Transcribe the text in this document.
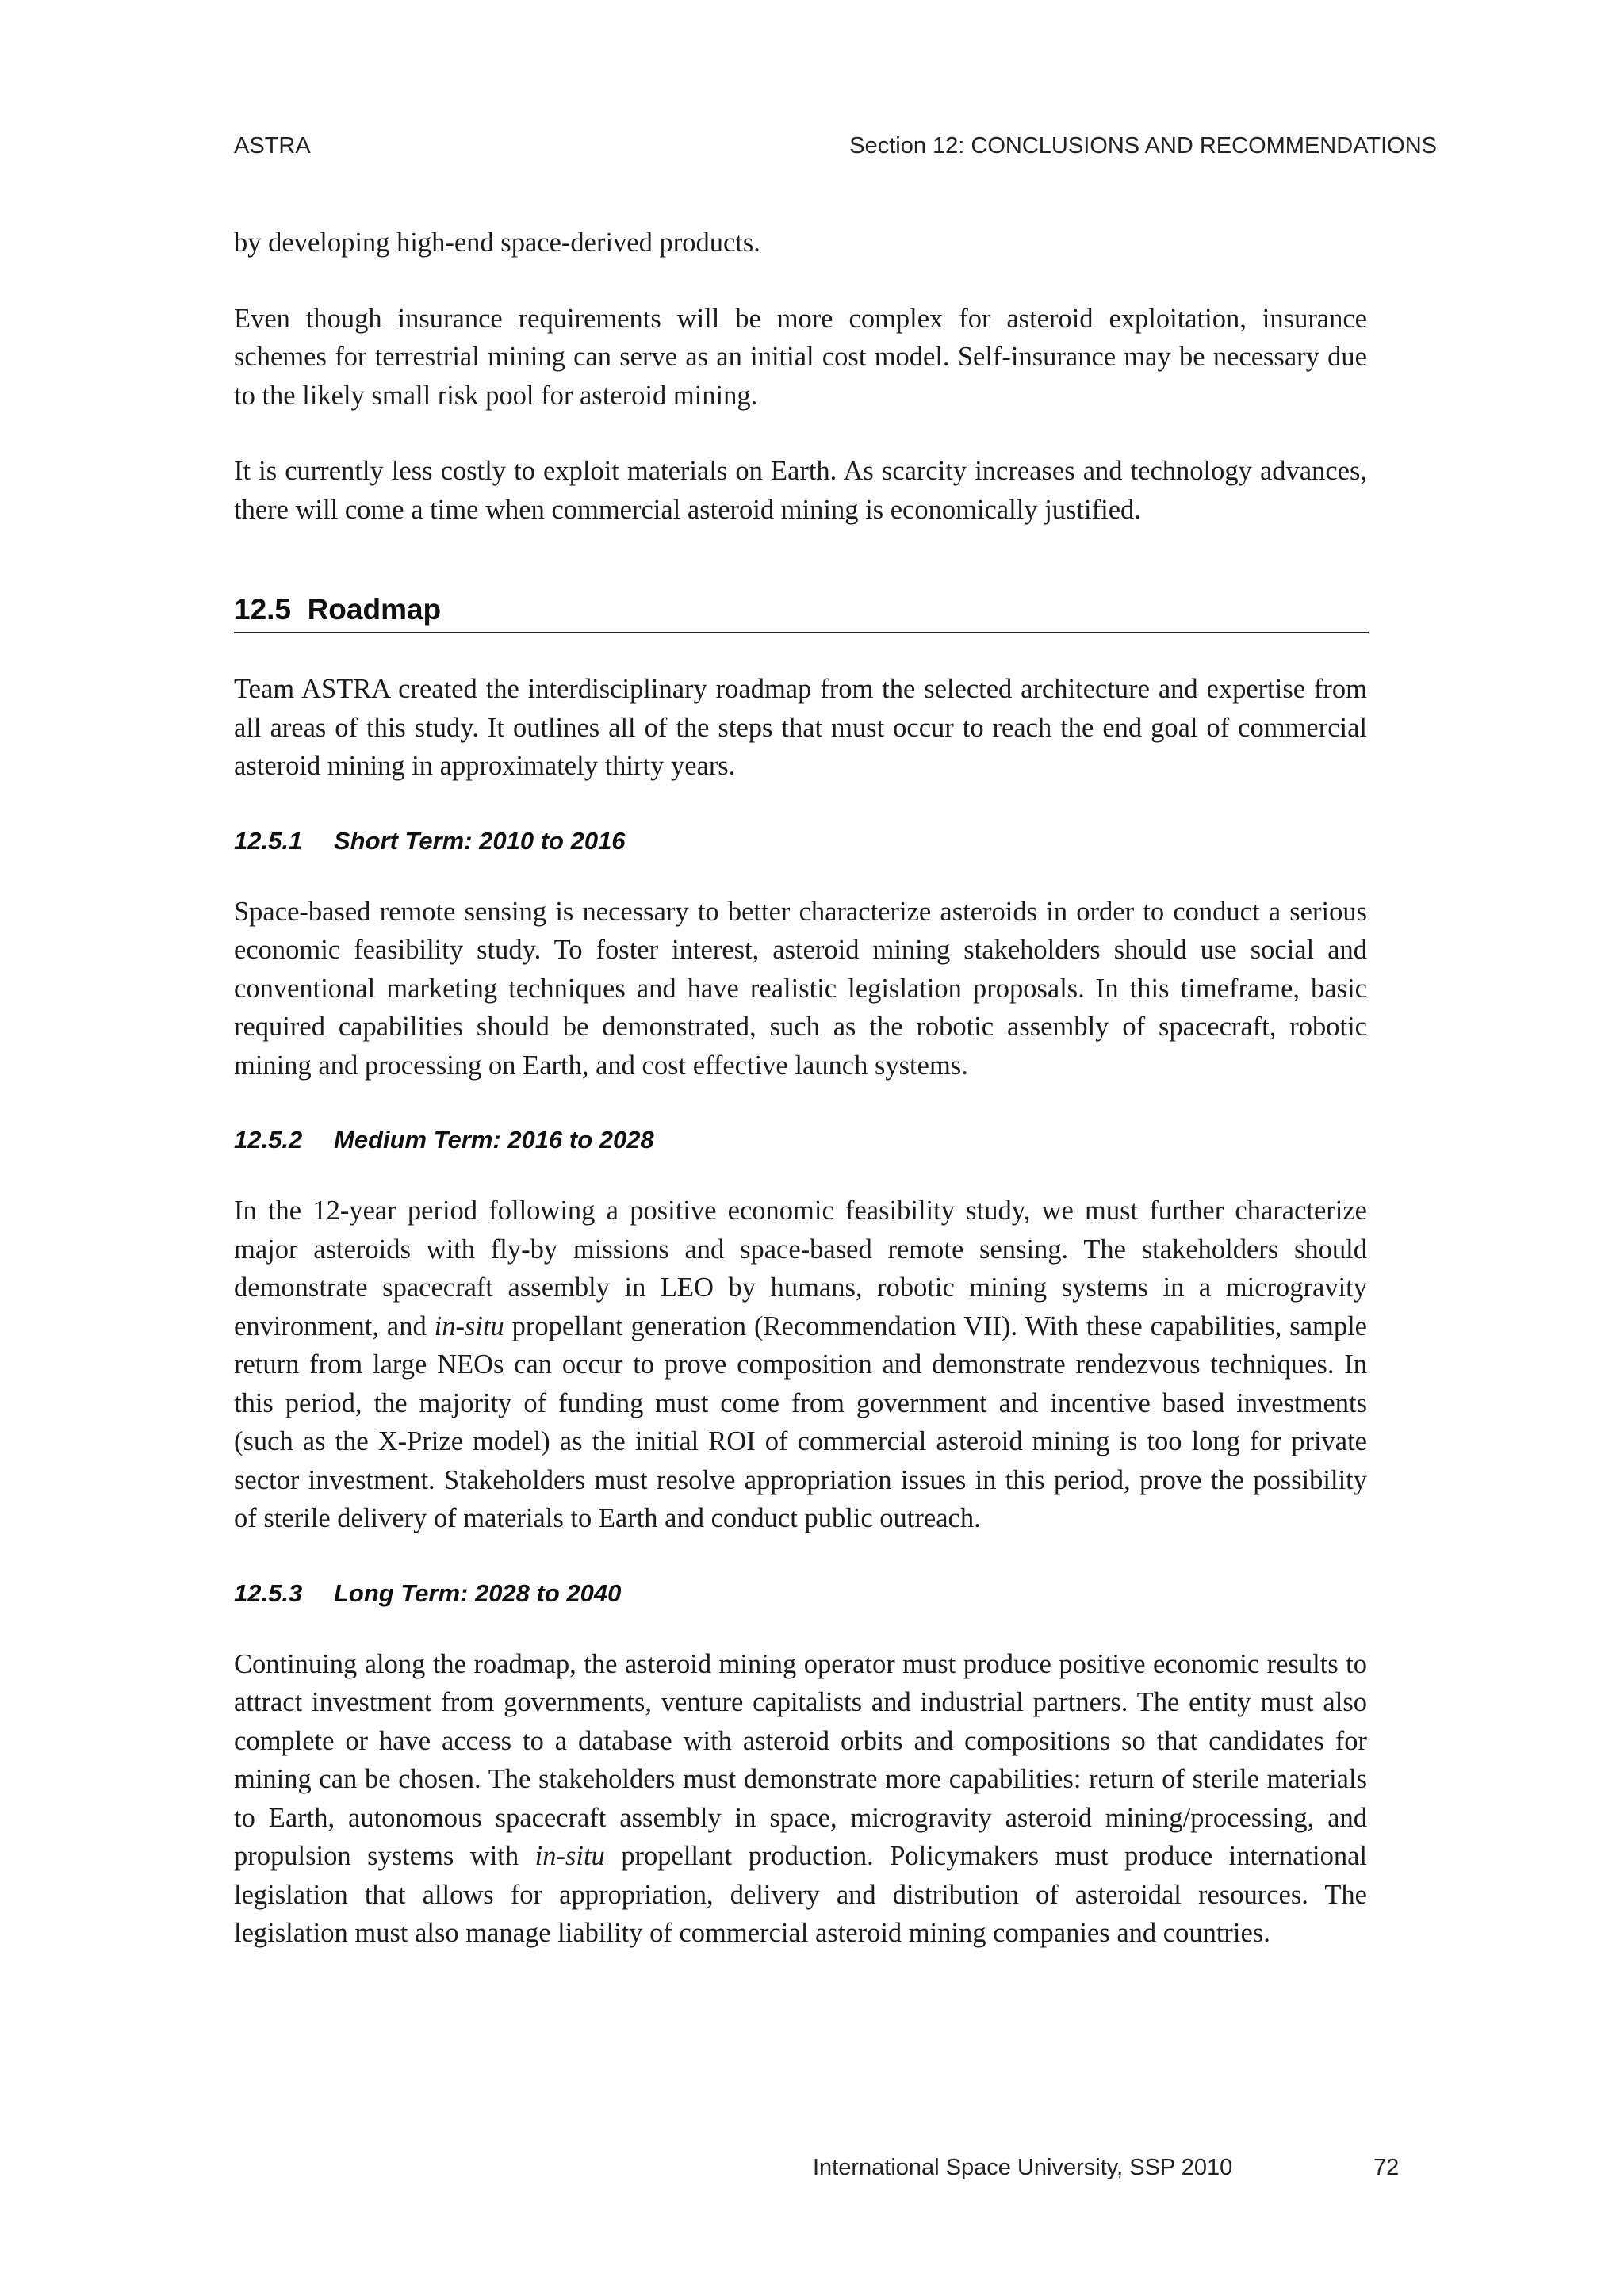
ASTRA	Section 12: CONCLUSIONS AND RECOMMENDATIONS

by developing high-end space-derived products.

Even though insurance requirements will be more complex for asteroid exploitation, insurance schemes for terrestrial mining can serve as an initial cost model. Self-insurance may be necessary due to the likely small risk pool for asteroid mining.

It is currently less costly to exploit materials on Earth. As scarcity increases and technology advances, there will come a time when commercial asteroid mining is economically justified.

12.5 Roadmap

Team ASTRA created the interdisciplinary roadmap from the selected architecture and expertise from all areas of this study. It outlines all of the steps that must occur to reach the end goal of commercial asteroid mining in approximately thirty years.

12.5.1 Short Term: 2010 to 2016

Space-based remote sensing is necessary to better characterize asteroids in order to conduct a serious economic feasibility study. To foster interest, asteroid mining stakeholders should use social and conventional marketing techniques and have realistic legislation proposals. In this timeframe, basic required capabilities should be demonstrated, such as the robotic assembly of spacecraft, robotic mining and processing on Earth, and cost effective launch systems.

12.5.2 Medium Term: 2016 to 2028

In the 12-year period following a positive economic feasibility study, we must further characterize major asteroids with fly-by missions and space-based remote sensing. The stakeholders should demonstrate spacecraft assembly in LEO by humans, robotic mining systems in a microgravity environment, and in-situ propellant generation (Recommendation VII). With these capabilities, sample return from large NEOs can occur to prove composition and demonstrate rendezvous techniques. In this period, the majority of funding must come from government and incentive based investments (such as the X-Prize model) as the initial ROI of commercial asteroid mining is too long for private sector investment. Stakeholders must resolve appropriation issues in this period, prove the possibility of sterile delivery of materials to Earth and conduct public outreach.

12.5.3 Long Term: 2028 to 2040

Continuing along the roadmap, the asteroid mining operator must produce positive economic results to attract investment from governments, venture capitalists and industrial partners. The entity must also complete or have access to a database with asteroid orbits and compositions so that candidates for mining can be chosen. The stakeholders must demonstrate more capabilities: return of sterile materials to Earth, autonomous spacecraft assembly in space, microgravity asteroid mining/processing, and propulsion systems with in-situ propellant production. Policymakers must produce international legislation that allows for appropriation, delivery and distribution of asteroidal resources. The legislation must also manage liability of commercial asteroid mining companies and countries.

International Space University, SSP 2010	72
